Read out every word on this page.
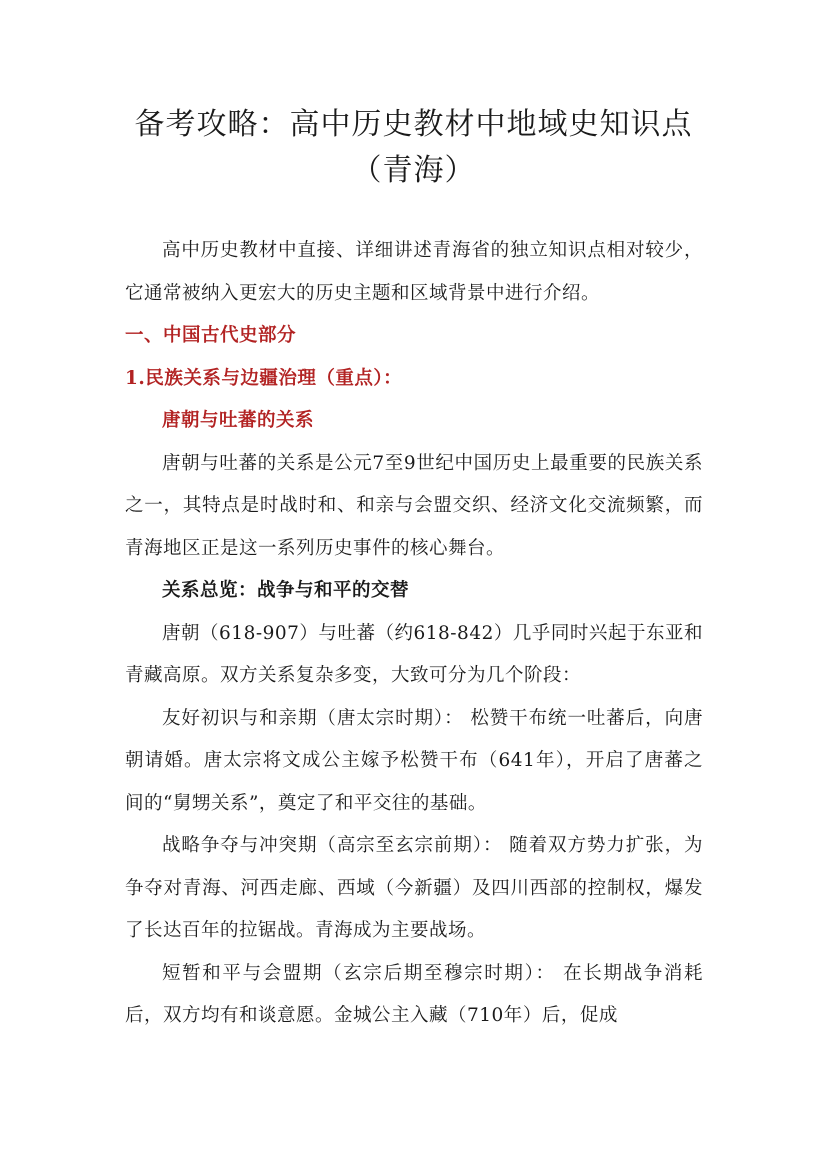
备考攻略：高中历史教材中地域史知识点
（青海）

高中历史教材中直接、详细讲述青海省的独立知识点相对较少，它通常被纳入更宏大的历史主题和区域背景中进行介绍。

一、中国古代史部分

1.民族关系与边疆治理（重点）：

唐朝与吐蕃的关系

唐朝与吐蕃的关系是公元7至9世纪中国历史上最重要的民族关系之一，其特点是时战时和、和亲与会盟交织、经济文化交流频繁，而青海地区正是这一系列历史事件的核心舞台。

关系总览：战争与和平的交替

唐朝（618-907）与吐蕃（约618-842）几乎同时兴起于东亚和青藏高原。双方关系复杂多变，大致可分为几个阶段：

友好初识与和亲期（唐太宗时期）： 松赞干布统一吐蕃后，向唐朝请婚。唐太宗将文成公主嫁予松赞干布（641年），开启了唐蕃之间的“舅甥关系”，奠定了和平交往的基础。

战略争夺与冲突期（高宗至玄宗前期）： 随着双方势力扩张，为争夺对青海、河西走廊、西域（今新疆）及四川西部的控制权，爆发了长达百年的拉锯战。青海成为主要战场。

短暂和平与会盟期（玄宗后期至穆宗时期）： 在长期战争消耗后，双方均有和谈意愿。金城公主入藏（710年）后，促成
